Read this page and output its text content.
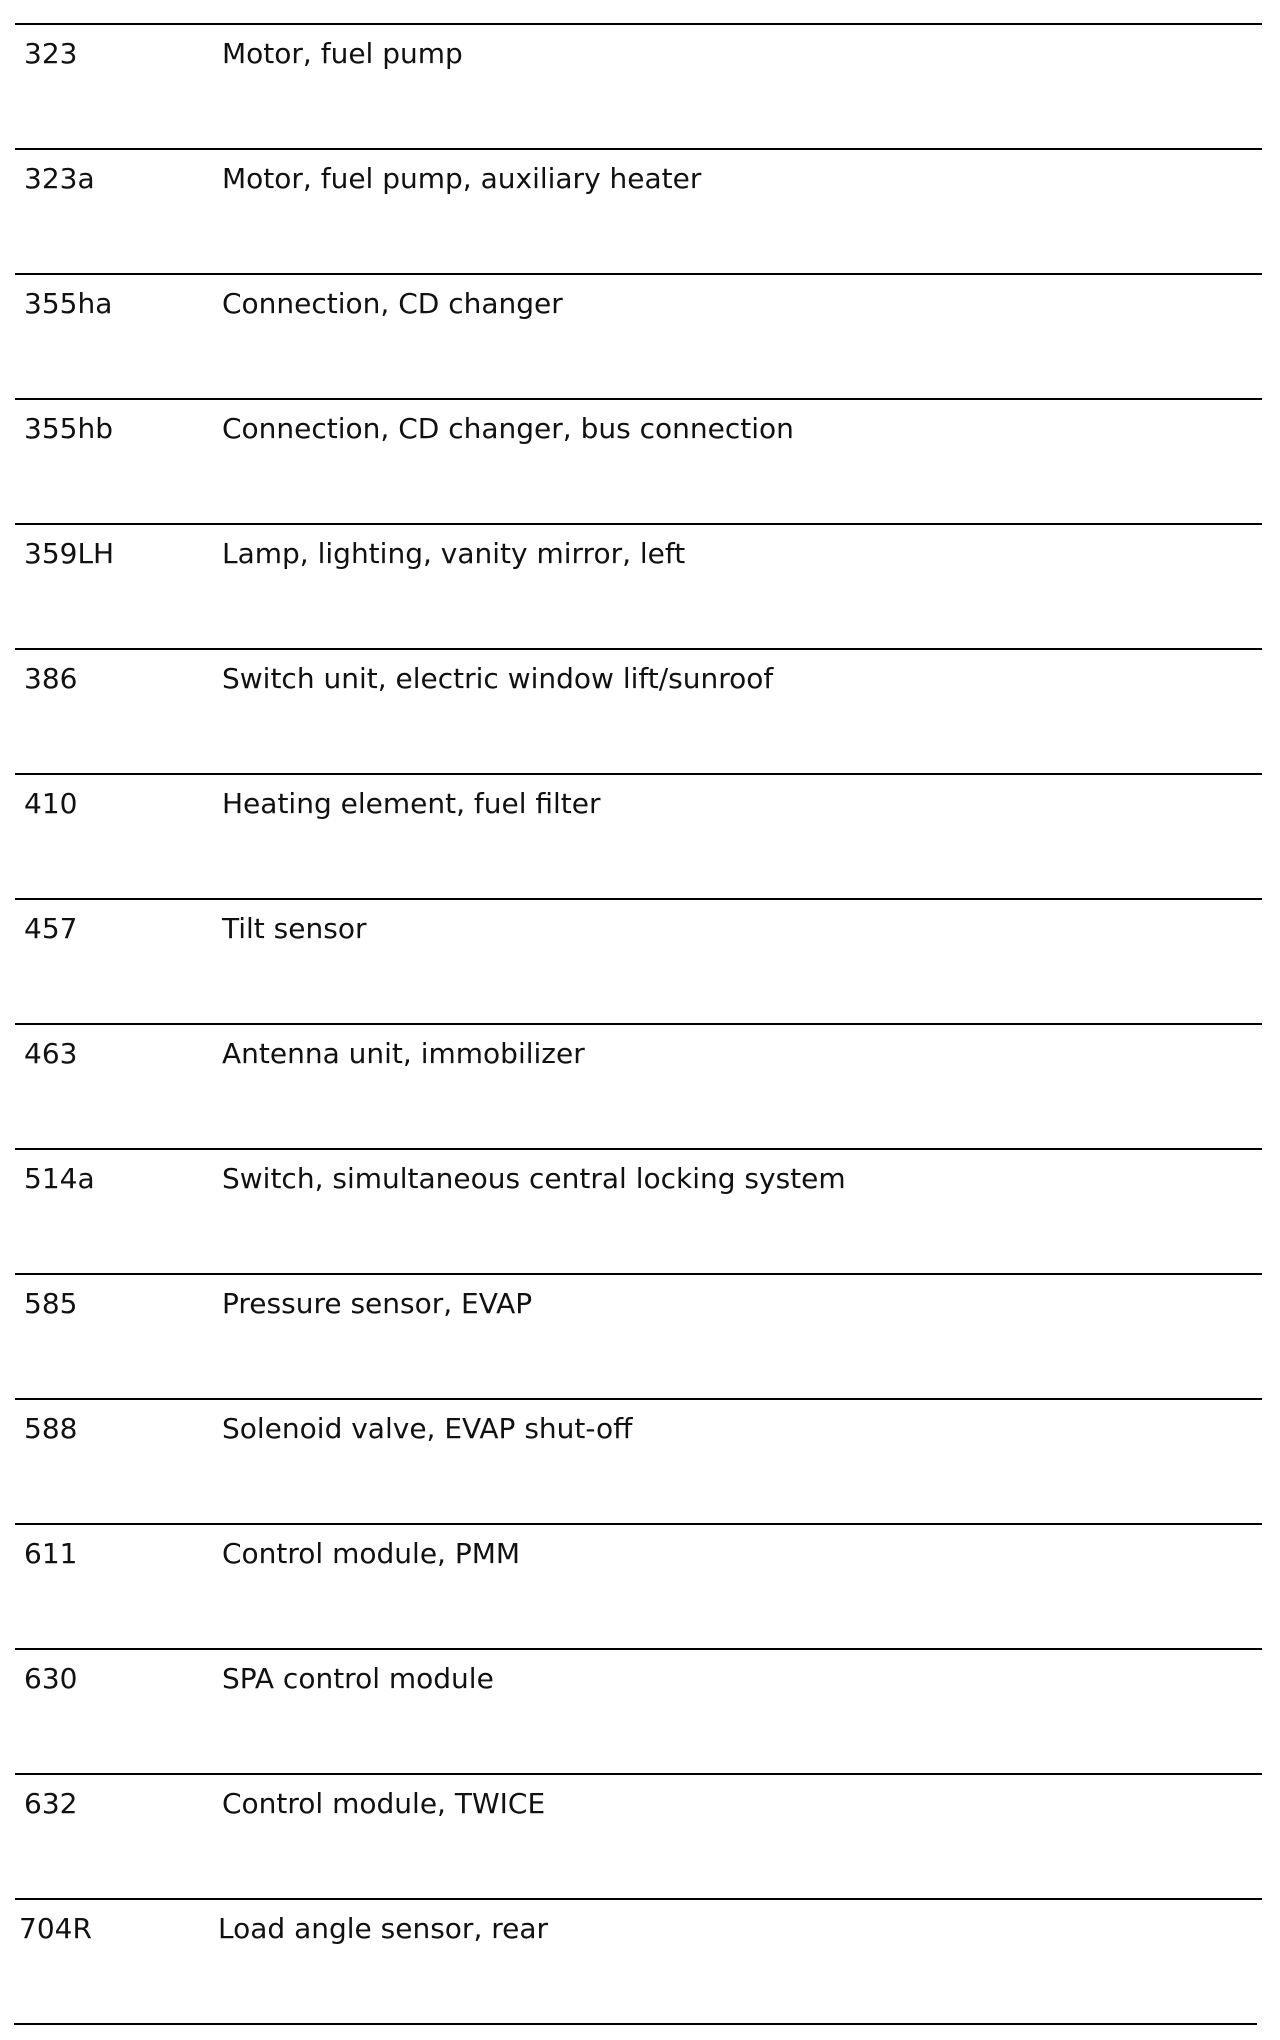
323	Motor, fuel pump
323a	Motor, fuel pump, auxiliary heater
355ha	Connection, CD changer
355hb	Connection, CD changer, bus connection
359LH	Lamp, lighting, vanity mirror, left
386	Switch unit, electric window lift/sunroof
410	Heating element, fuel filter
457	Tilt sensor
463	Antenna unit, immobilizer
514a	Switch, simultaneous central locking system
585	Pressure sensor, EVAP
588	Solenoid valve, EVAP shut-off
611	Control module, PMM
630	SPA control module
632	Control module, TWICE
704R	Load angle sensor, rear
